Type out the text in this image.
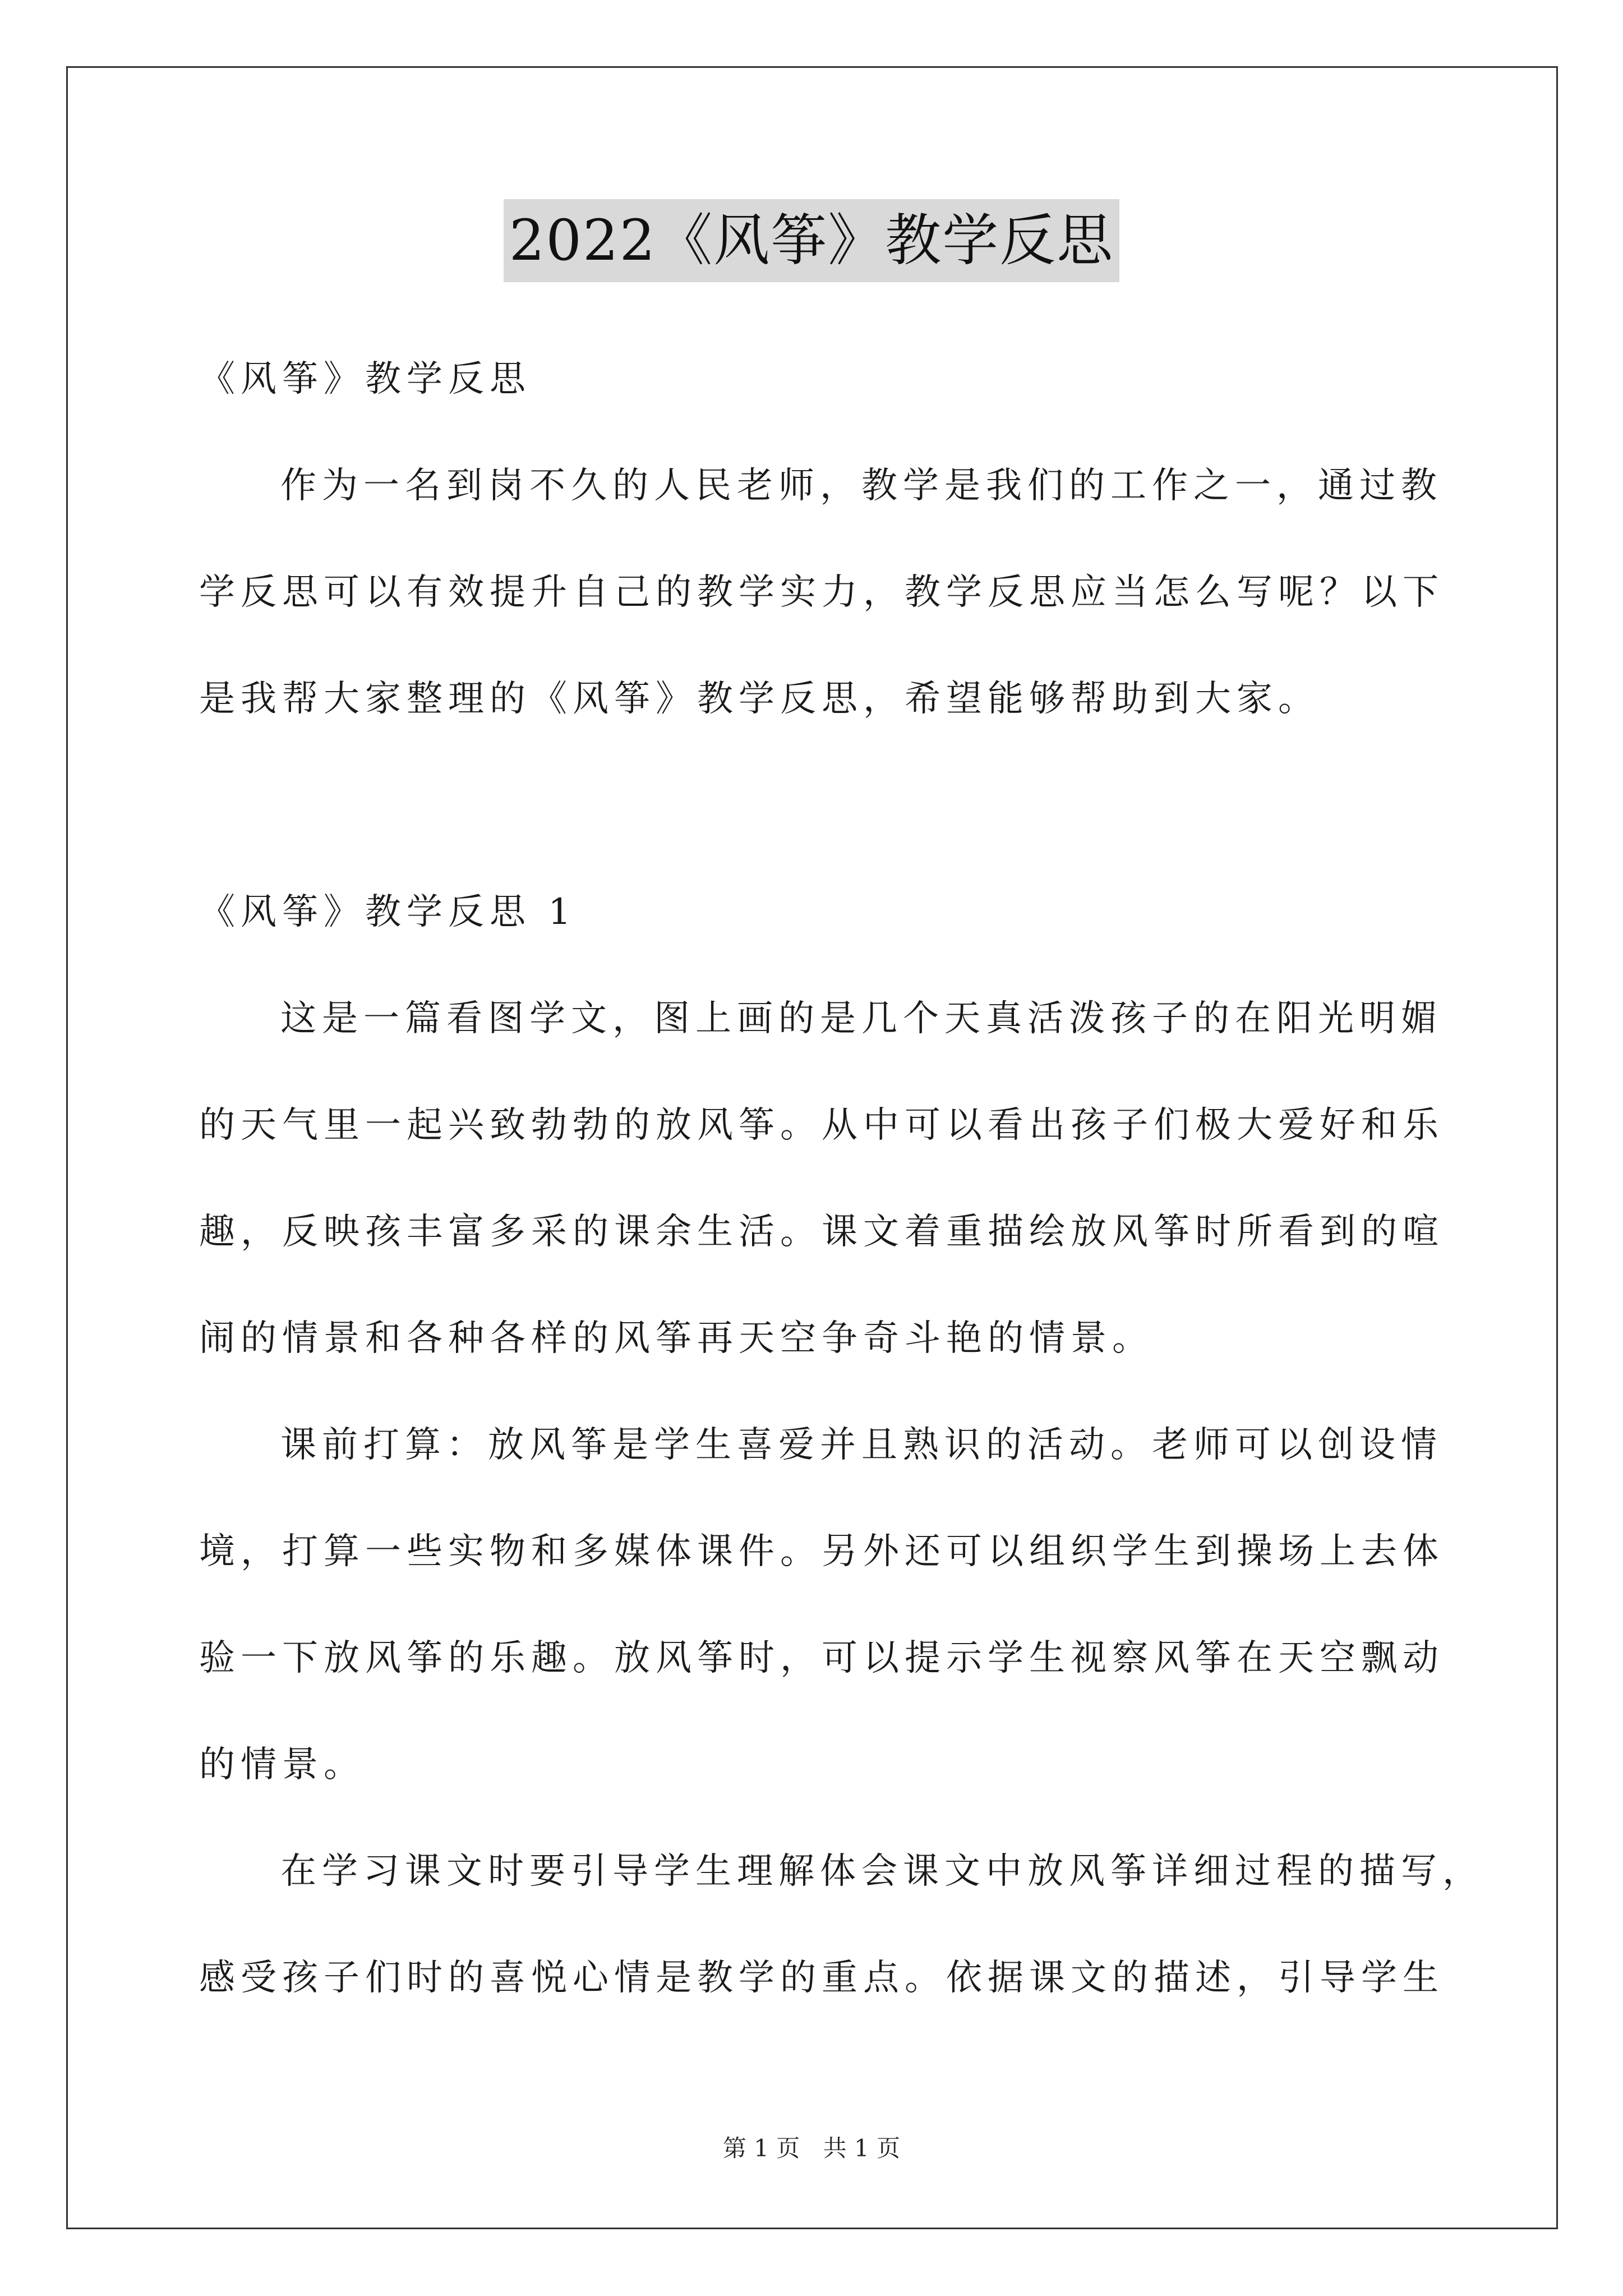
2022《风筝》教学反思
《风筝》教学反思
作为一名到岗不久的人民老师，教学是我们的工作之一，通过教
学反思可以有效提升自己的教学实力，教学反思应当怎么写呢？以下
是我帮大家整理的《风筝》教学反思，希望能够帮助到大家。
《风筝》教学反思 1
这是一篇看图学文，图上画的是几个天真活泼孩子的在阳光明媚
的天气里一起兴致勃勃的放风筝。从中可以看出孩子们极大爱好和乐
趣，反映孩丰富多采的课余生活。课文着重描绘放风筝时所看到的喧
闹的情景和各种各样的风筝再天空争奇斗艳的情景。
课前打算：放风筝是学生喜爱并且熟识的活动。老师可以创设情
境，打算一些实物和多媒体课件。另外还可以组织学生到操场上去体
验一下放风筝的乐趣。放风筝时，可以提示学生视察风筝在天空飘动
的情景。
在学习课文时要引导学生理解体会课文中放风筝详细过程的描写，
感受孩子们时的喜悦心情是教学的重点。依据课文的描述，引导学生
第 1 页 共 1 页
